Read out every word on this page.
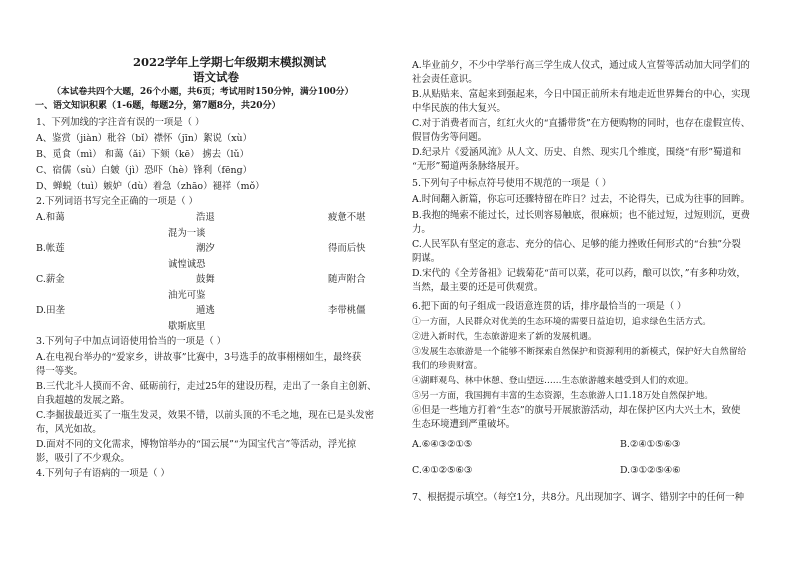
2022学年上学期七年级期末模拟测试
语文试卷
（本试卷共四个大题，26个小题，共6页；考试用时150分钟，满分100分）
一、语文知识积累（1-6题，每题2分，第7题8分，共20分）
1、下列加线的字注音有误的一项是（ ）
A、鉴赏（jiàn）秕谷（bǐ）襟怀（jīn）絮说（xù）
B、觅食（mì） 和蔼（ǎi）下颏（kē） 掳去（lǔ）
C、宿儒（sù）白皴（jì）恐吓（hè）锋利（fēng）
D、蝉蜕（tuì）嫉妒（dù）着急（zhāo）褪祥（mǒ）
2.下列词语书写完全正确的一项是（ ）
A.和蔼	浩退	疲惫不堪
混为一谈
B.帐莲	潮汐	得而后快
诚惶诚恐
C.薪金	鼓舞	随声附合
油光可鉴
D.田垄	遁逃	李带桃僵
歇斯底里
3.下列句子中加点词语使用恰当的一项是（ ）
A.在电视台举办的“爱家乡，讲故事”比赛中，3号选手的故事栩栩如生，最终获
得一等奖。
B.三代北斗人摸而不舍、砥砺前行，走过25年的建设历程，走出了一条自主创新、
自我超越的发展之路。
C.李掘拔最近买了一瓶生发灵，效果不错，以前头顶的不毛之地，现在已是头发密
布，风光如故。
D.面对不同的文化需求，博物馆举办的“国云展”“为国宝代言”等活动，浮光掠
影，吸引了不少观众。
4.下列句子有语病的一项是（ ）
A.毕业前夕，不少中学举行高三学生成人仪式，通过成人宣誓等活动加大同学们的
社会责任意识。
B.从贴贴来、富起来到强起来，今日中国正前所未有地走近世界舞台的中心，实现
中华民族的伟大复兴。
C.对于消费者而言，红红火火的“直播带货”在方便购物的同时，也存在虚假宣传、
假冒伪劣等问题。
D.纪录片《爱涵风流》从人文、历史、自然、现实几个维度，围绕“有形”蜀道和
“无形”蜀道两条脉络展开。
5.下列句子中标点符号使用不规范的一项是（ ）
A.时间翻入新篇，你忘可还骤特留在昨日？过去，不论得失，已成为往事的回眸。
B.我抱的绳索不能过长，过长则容易触底，很麻烦；也不能过短，过短则沉，更费
力。
C.人民军队有坚定的意志、充分的信心、足够的能力挫败任何形式的“台独”分裂
阴谋。
D.宋代的《全芳备祖》记载菊花“苗可以菜，花可以药，酿可以饮，”有多种功效，
当然，最主要的还是可供观赏。
6.把下面的句子组成一段语意连贯的话，排序最恰当的一项是（ ）
①一方面，人民群众对优美的生态环境的需要日益迫切，追求绿色生活方式。
②进入新时代，生态旅游迎来了新的发展机遇。
③发展生态旅游是一个能够不断探索自然保护和资源利用的新模式，保护好大自然留给
我们的珍贵财富。
④湖畔观鸟、林中休憩、登山望远……生态旅游越来越受到人们的欢迎。
⑤另一方面，我国拥有丰富的生态资源，生态旅游人口1.18万处自然保护地。
⑥但是一些地方打着“生态”的旗号开展旅游活动，却在保护区内大兴土木，致使
生态环境遭到严重破坏。
A.⑥④③②①⑤	B.②④①⑤⑥③
C.④①②⑤⑥③	D.③①②⑤④⑥
7、根据提示填空。（每空1分，共8分。凡出现加字、调字、错别字中的任何一种
